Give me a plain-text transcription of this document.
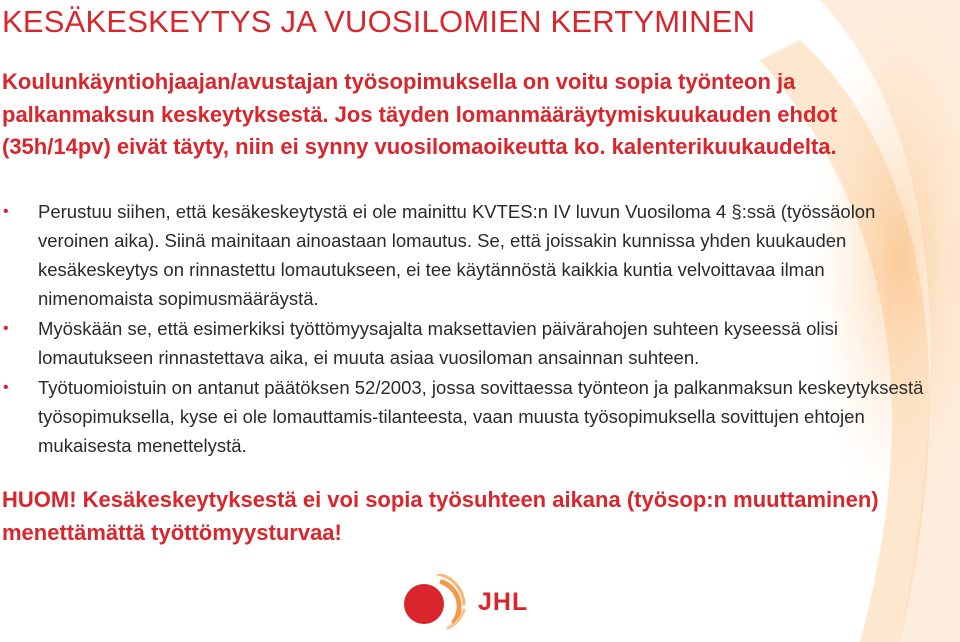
KESÄKESKEYTYS JA VUOSILOMIEN KERTYMINEN
Koulunkäyntiohjaajan/avustajan työsopimuksella on voitu sopia työnteon ja palkanmaksun keskeytyksestä. Jos täyden lomanmääräytymiskuukauden ehdot (35h/14pv) eivät täyty, niin ei synny vuosilomaoikeutta ko. kalenterikuukaudelta.
• Perustuu siihen, että kesäkeskeytystä ei ole mainittu KVTES:n IV luvun Vuosiloma 4 §:ssä (työssäolon veroinen aika). Siinä mainitaan ainoastaan lomautus. Se, että joissakin kunnissa yhden kuukauden kesäkeskeytys on rinnastettu lomautukseen, ei tee käytännöstä kaikkia kuntia velvoittavaa ilman nimenomaista sopimusmääräystä.
• Myöskään se, että esimerkiksi työttömyysajalta maksettavien päivärahojen suhteen kyseessä olisi lomautukseen rinnastettava aika, ei muuta asiaa vuosiloman ansainnan suhteen.
• Työtuomioistuin on antanut päätöksen 52/2003, jossa sovittaessa työnteon ja palkanmaksun keskeytyksestä työsopimuksella, kyse ei ole lomauttamis-tilanteesta, vaan muusta työsopimuksella sovittujen ehtojen mukaisesta menettelystä.
HUOM! Kesäkeskeytyksestä ei voi sopia työsuhteen aikana (työsop:n muuttaminen) menettämättä työttömyysturvaa!
JHL
